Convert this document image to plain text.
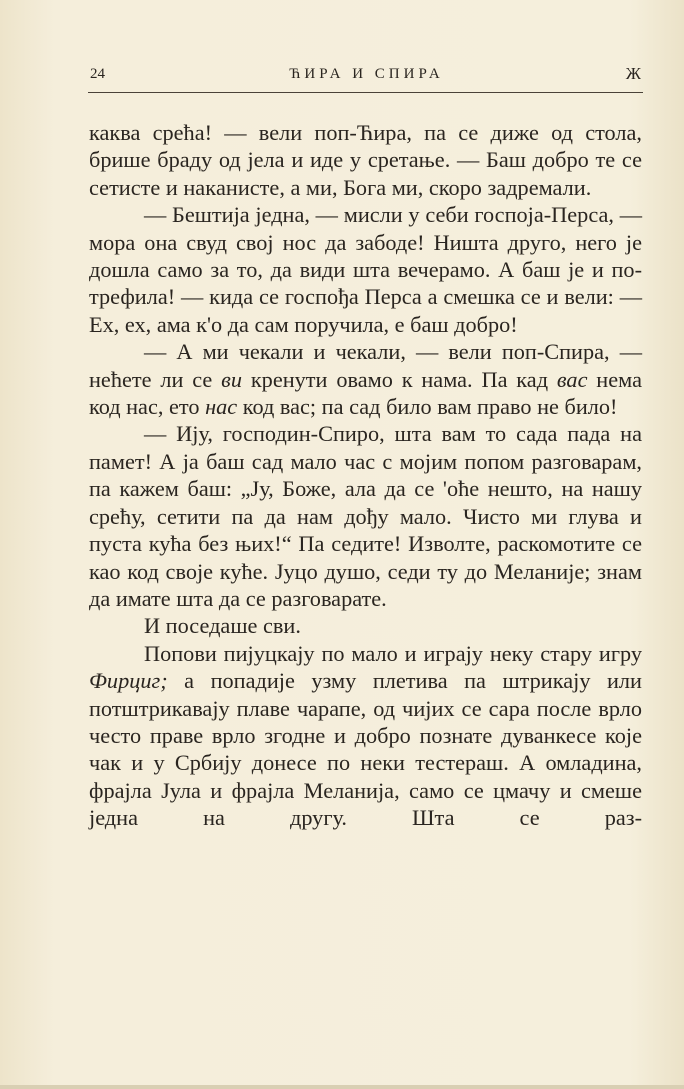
24	ЋИРА И СПИРА	Ж

каква срећа! — вели поп-Ћира, па се диже од стола, брише браду од јела и иде у сретање. — Баш добро те се сетисте и накaнисте, а ми, Бога ми, скоро задремали.

— Бештија једна, — мисли у себи госпоја-Перса, — мора она свуд свој нос да забоде! Ништа друго, него је дошла само за то, да види шта вечерамо. А баш је и потрефила! — кида се госпођа Перса а смешка се и вели: — Ех, ех, ама к'о да сам поручила, е баш добро!

— А ми чекали и чекали, — вели поп-Спира, — нећете ли се ви кренути овамо к нама. Па кад вас нема код нас, ето нас код вас; па сад било вам право не било!

— Ију, господин-Спиро, шта вам то сада пада на памет! А ја баш сад мало час с мојим попом разговарам, па кажем баш: „Ју, Боже, ала да се 'оће нешто, на нашу срећу, сетити па да нам дођу мало. Чисто ми глува и пуста кућа без њих!“ Па седите! Изволте, раскомотите се као код своје куће. Јуцо душо, седи ту до Меланије; знам да имате шта да се разговарате.

И поседаше сви.

Попови пијуцкају по мало и играју неку стару игру Фирциг; а попадије узму плетива па штрикају или потштрикавају плаве чарапе, од чијих се сара после врло често праве врло згодне и добро познате дуванкесе које чак и у Србију донесе по неки тестераш. А омладина, фрајла Јула и фрајла Меланија, само се цмачу и смеше једна на другу. Шта се раз-
